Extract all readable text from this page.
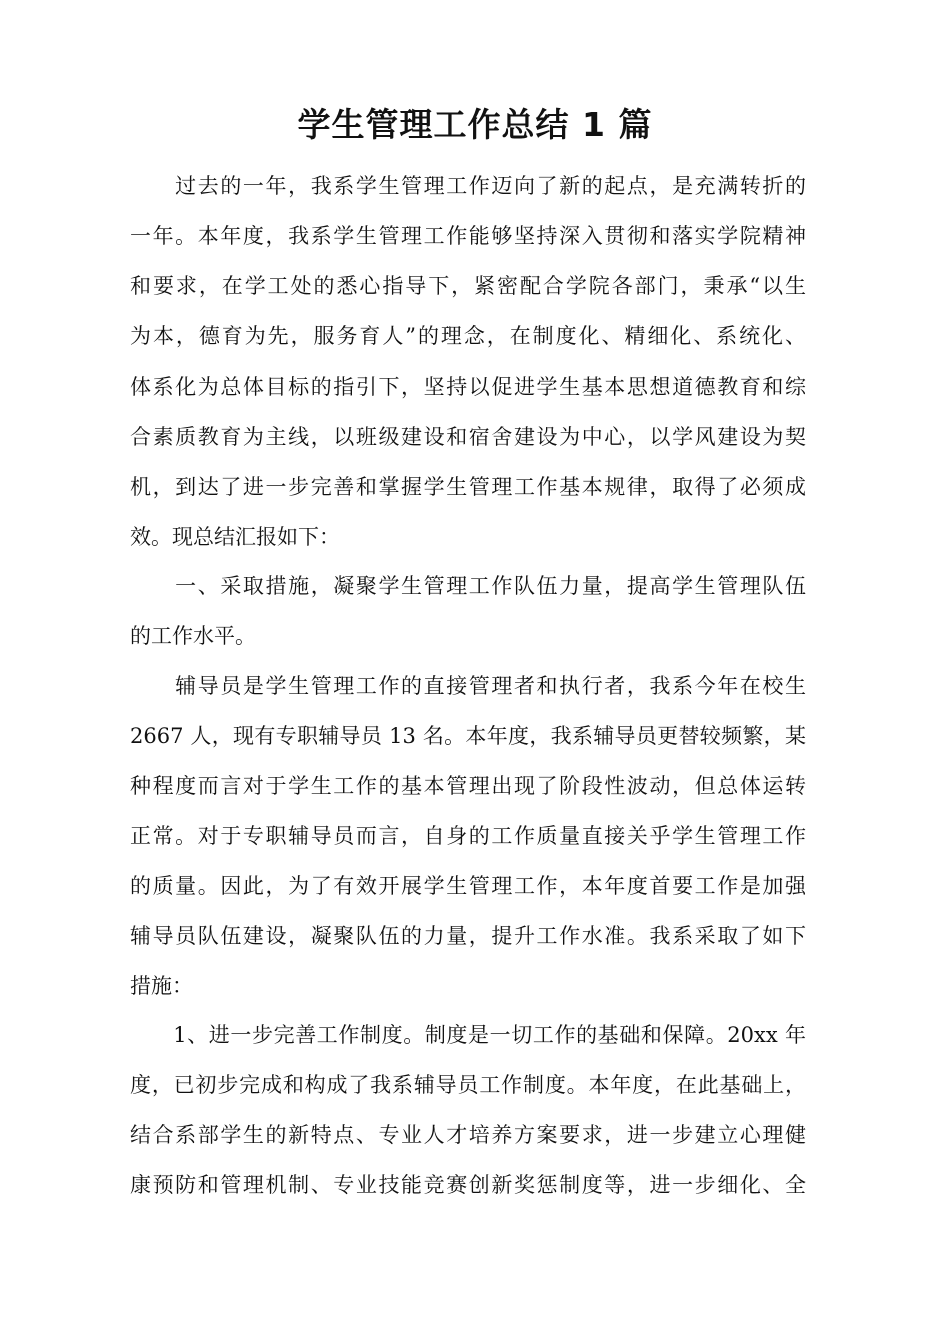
学生管理工作总结 1 篇
　　过去的一年，我系学生管理工作迈向了新的起点，是充满转折的
一年。本年度，我系学生管理工作能够坚持深入贯彻和落实学院精神
和要求，在学工处的悉心指导下，紧密配合学院各部门，秉承“以生
为本，德育为先，服务育人”的理念，在制度化、精细化、系统化、
体系化为总体目标的指引下，坚持以促进学生基本思想道德教育和综
合素质教育为主线，以班级建设和宿舍建设为中心，以学风建设为契
机，到达了进一步完善和掌握学生管理工作基本规律，取得了必须成
效。现总结汇报如下：
　　一、采取措施，凝聚学生管理工作队伍力量，提高学生管理队伍
的工作水平。
　　辅导员是学生管理工作的直接管理者和执行者，我系今年在校生
2667 人，现有专职辅导员 13 名。本年度，我系辅导员更替较频繁，某
种程度而言对于学生工作的基本管理出现了阶段性波动，但总体运转
正常。对于专职辅导员而言，自身的工作质量直接关乎学生管理工作
的质量。因此，为了有效开展学生管理工作，本年度首要工作是加强
辅导员队伍建设，凝聚队伍的力量，提升工作水准。我系采取了如下
措施：
　　1、进一步完善工作制度。制度是一切工作的基础和保障。20xx 年
度，已初步完成和构成了我系辅导员工作制度。本年度，在此基础上，
结合系部学生的新特点、专业人才培养方案要求，进一步建立心理健
康预防和管理机制、专业技能竞赛创新奖惩制度等，进一步细化、全
